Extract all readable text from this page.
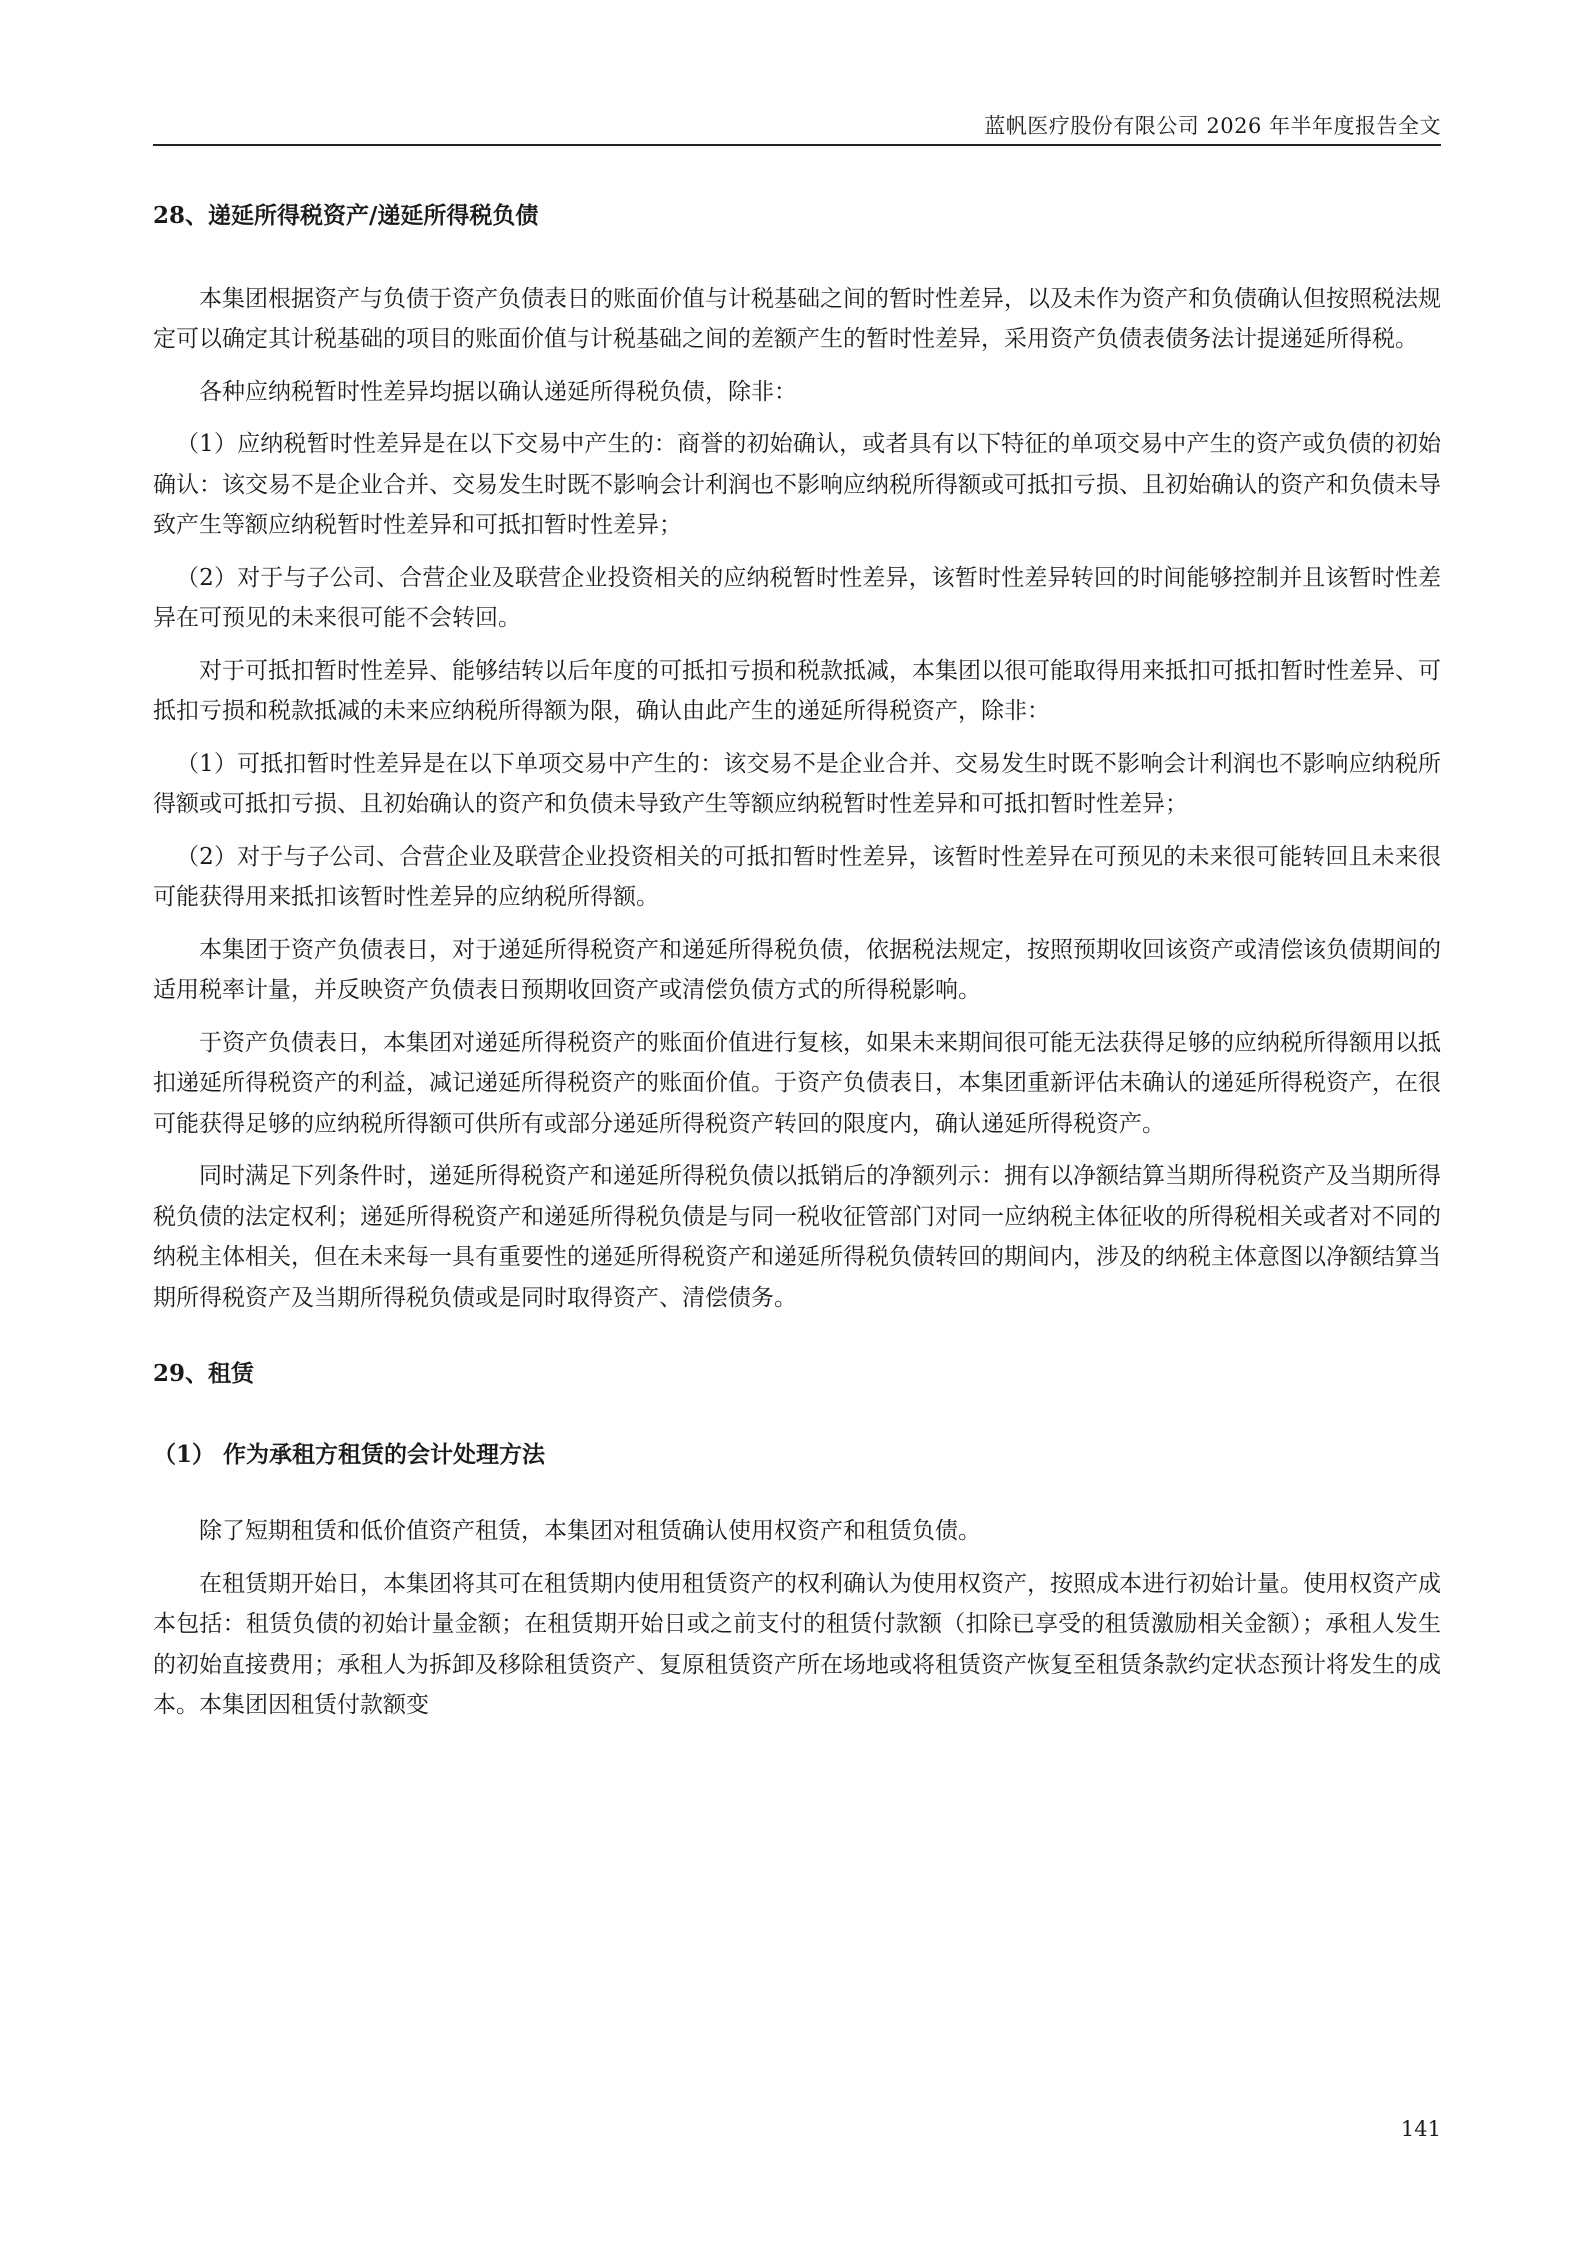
蓝帆医疗股份有限公司 2026 年半年度报告全文
28、递延所得税资产/递延所得税负债

本集团根据资产与负债于资产负债表日的账面价值与计税基础之间的暂时性差异，以及未作为资产和负债确认但按照税法规定可以确定其计税基础的项目的账面价值与计税基础之间的差额产生的暂时性差异，采用资产负债表债务法计提递延所得税。

各种应纳税暂时性差异均据以确认递延所得税负债，除非：

（1）应纳税暂时性差异是在以下交易中产生的：商誉的初始确认，或者具有以下特征的单项交易中产生的资产或负债的初始确认：该交易不是企业合并、交易发生时既不影响会计利润也不影响应纳税所得额或可抵扣亏损、且初始确认的资产和负债未导致产生等额应纳税暂时性差异和可抵扣暂时性差异；

（2）对于与子公司、合营企业及联营企业投资相关的应纳税暂时性差异，该暂时性差异转回的时间能够控制并且该暂时性差异在可预见的未来很可能不会转回。

对于可抵扣暂时性差异、能够结转以后年度的可抵扣亏损和税款抵减，本集团以很可能取得用来抵扣可抵扣暂时性差异、可抵扣亏损和税款抵减的未来应纳税所得额为限，确认由此产生的递延所得税资产，除非：

（1）可抵扣暂时性差异是在以下单项交易中产生的：该交易不是企业合并、交易发生时既不影响会计利润也不影响应纳税所得额或可抵扣亏损、且初始确认的资产和负债未导致产生等额应纳税暂时性差异和可抵扣暂时性差异；

（2）对于与子公司、合营企业及联营企业投资相关的可抵扣暂时性差异，该暂时性差异在可预见的未来很可能转回且未来很可能获得用来抵扣该暂时性差异的应纳税所得额。

本集团于资产负债表日，对于递延所得税资产和递延所得税负债，依据税法规定，按照预期收回该资产或清偿该负债期间的适用税率计量，并反映资产负债表日预期收回资产或清偿负债方式的所得税影响。

于资产负债表日，本集团对递延所得税资产的账面价值进行复核，如果未来期间很可能无法获得足够的应纳税所得额用以抵扣递延所得税资产的利益，减记递延所得税资产的账面价值。于资产负债表日，本集团重新评估未确认的递延所得税资产，在很可能获得足够的应纳税所得额可供所有或部分递延所得税资产转回的限度内，确认递延所得税资产。

同时满足下列条件时，递延所得税资产和递延所得税负债以抵销后的净额列示：拥有以净额结算当期所得税资产及当期所得税负债的法定权利；递延所得税资产和递延所得税负债是与同一税收征管部门对同一应纳税主体征收的所得税相关或者对不同的纳税主体相关，但在未来每一具有重要性的递延所得税资产和递延所得税负债转回的期间内，涉及的纳税主体意图以净额结算当期所得税资产及当期所得税负债或是同时取得资产、清偿债务。

29、租赁
（1） 作为承租方租赁的会计处理方法

除了短期租赁和低价值资产租赁，本集团对租赁确认使用权资产和租赁负债。

在租赁期开始日，本集团将其可在租赁期内使用租赁资产的权利确认为使用权资产，按照成本进行初始计量。使用权资产成本包括：租赁负债的初始计量金额；在租赁期开始日或之前支付的租赁付款额（扣除已享受的租赁激励相关金额）；承租人发生的初始直接费用；承租人为拆卸及移除租赁资产、复原租赁资产所在场地或将租赁资产恢复至租赁条款约定状态预计将发生的成本。本集团因租赁付款额变

141
